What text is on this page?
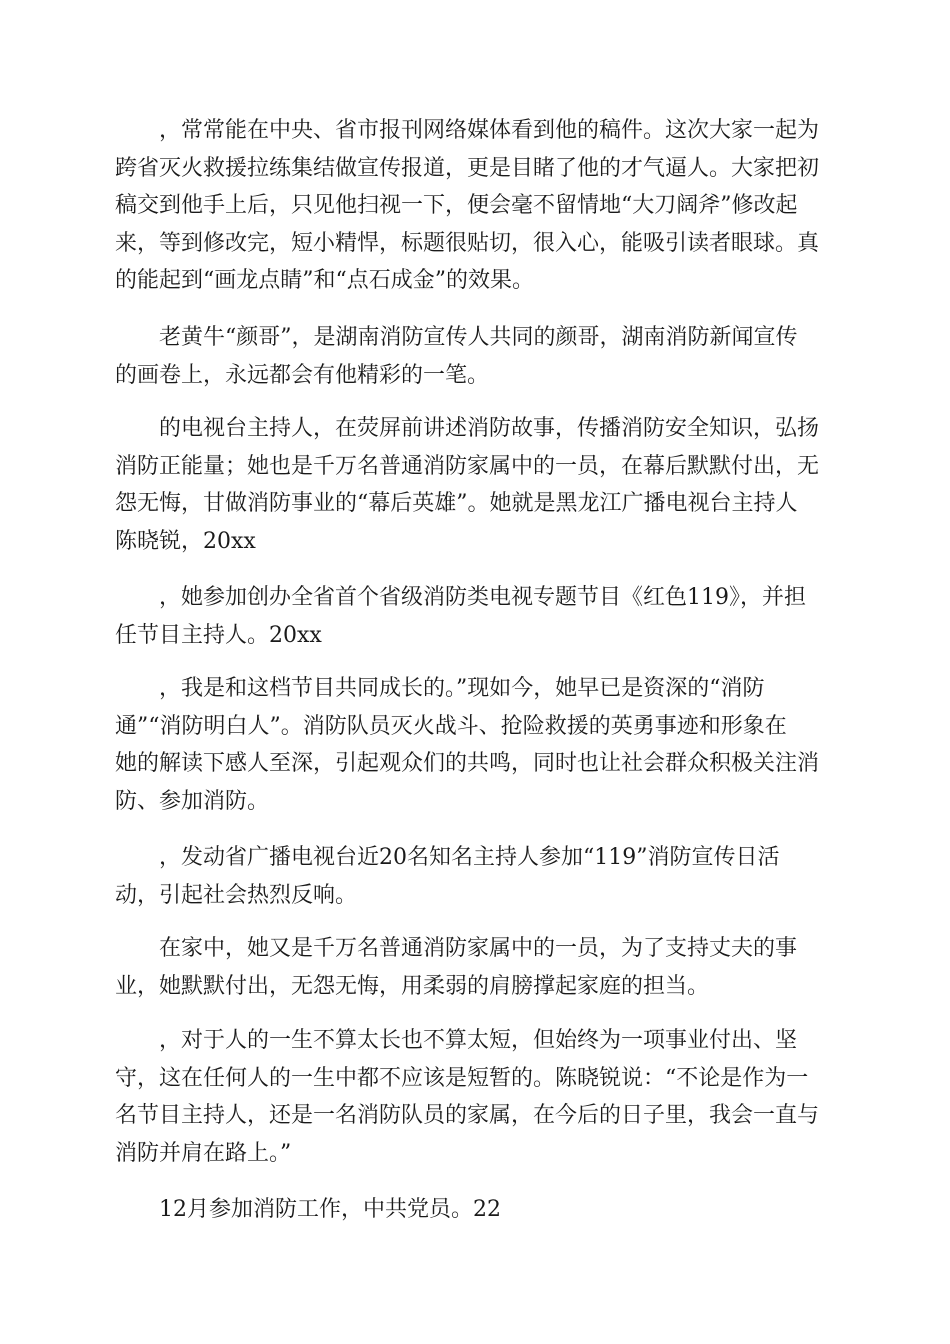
　　，常常能在中央、省市报刊网络媒体看到他的稿件。这次大家一起为
跨省灭火救援拉练集结做宣传报道，更是目睹了他的才气逼人。大家把初
稿交到他手上后，只见他扫视一下，便会毫不留情地“大刀阔斧”修改起
来，等到修改完，短小精悍，标题很贴切，很入心，能吸引读者眼球。真
的能起到“画龙点睛”和“点石成金”的效果。

　　老黄牛“颜哥”，是湖南消防宣传人共同的颜哥，湖南消防新闻宣传
的画卷上，永远都会有他精彩的一笔。

　　的电视台主持人，在荧屏前讲述消防故事，传播消防安全知识，弘扬
消防正能量；她也是千万名普通消防家属中的一员，在幕后默默付出，无
怨无悔，甘做消防事业的“幕后英雄”。她就是黑龙江广播电视台主持人
陈晓锐，20xx

　　，她参加创办全省首个省级消防类电视专题节目《红色119》，并担
任节目主持人。20xx

　　，我是和这档节目共同成长的。”现如今，她早已是资深的“消防
通”“消防明白人”。消防队员灭火战斗、抢险救援的英勇事迹和形象在
她的解读下感人至深，引起观众们的共鸣，同时也让社会群众积极关注消
防、参加消防。

　　，发动省广播电视台近20名知名主持人参加“119”消防宣传日活
动，引起社会热烈反响。

　　在家中，她又是千万名普通消防家属中的一员，为了支持丈夫的事
业，她默默付出，无怨无悔，用柔弱的肩膀撑起家庭的担当。

　　，对于人的一生不算太长也不算太短，但始终为一项事业付出、坚
守，这在任何人的一生中都不应该是短暂的。陈晓锐说：“不论是作为一
名节目主持人，还是一名消防队员的家属，在今后的日子里，我会一直与
消防并肩在路上。”

　　12月参加消防工作，中共党员。22
